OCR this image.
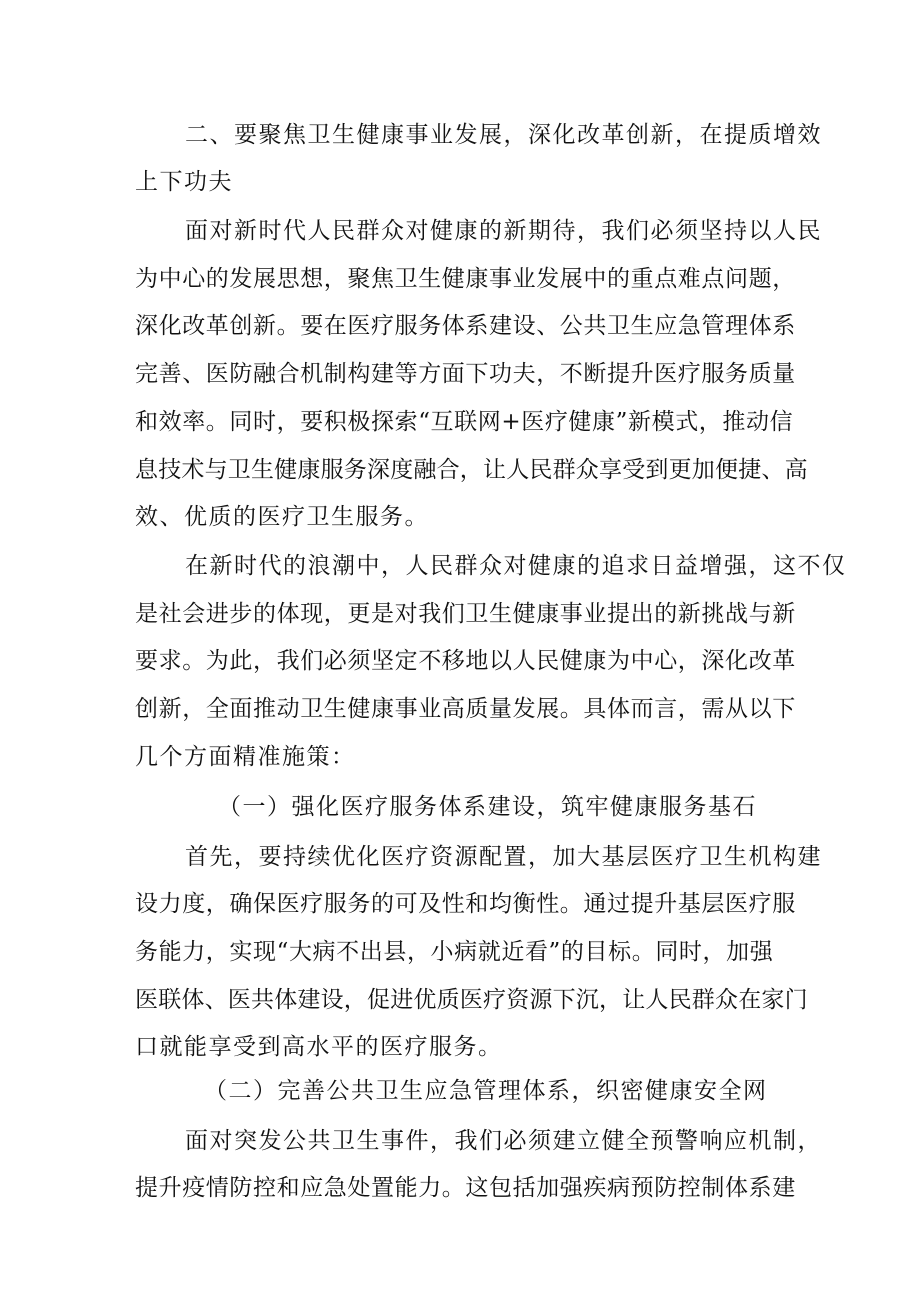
二、要聚焦卫生健康事业发展，深化改革创新，在提质增效
上下功夫
面对新时代人民群众对健康的新期待，我们必须坚持以人民
为中心的发展思想，聚焦卫生健康事业发展中的重点难点问题，
深化改革创新。要在医疗服务体系建设、公共卫生应急管理体系
完善、医防融合机制构建等方面下功夫，不断提升医疗服务质量
和效率。同时，要积极探索“互联网+医疗健康”新模式，推动信
息技术与卫生健康服务深度融合，让人民群众享受到更加便捷、高
效、优质的医疗卫生服务。
在新时代的浪潮中，人民群众对健康的追求日益增强，这不仅
是社会进步的体现，更是对我们卫生健康事业提出的新挑战与新
要求。为此，我们必须坚定不移地以人民健康为中心，深化改革
创新，全面推动卫生健康事业高质量发展。具体而言，需从以下
几个方面精准施策：
（一）强化医疗服务体系建设，筑牢健康服务基石
首先，要持续优化医疗资源配置，加大基层医疗卫生机构建
设力度，确保医疗服务的可及性和均衡性。通过提升基层医疗服
务能力，实现“大病不出县，小病就近看”的目标。同时，加强
医联体、医共体建设，促进优质医疗资源下沉，让人民群众在家门
口就能享受到高水平的医疗服务。
（二）完善公共卫生应急管理体系，织密健康安全网
面对突发公共卫生事件，我们必须建立健全预警响应机制，
提升疫情防控和应急处置能力。这包括加强疾病预防控制体系建
